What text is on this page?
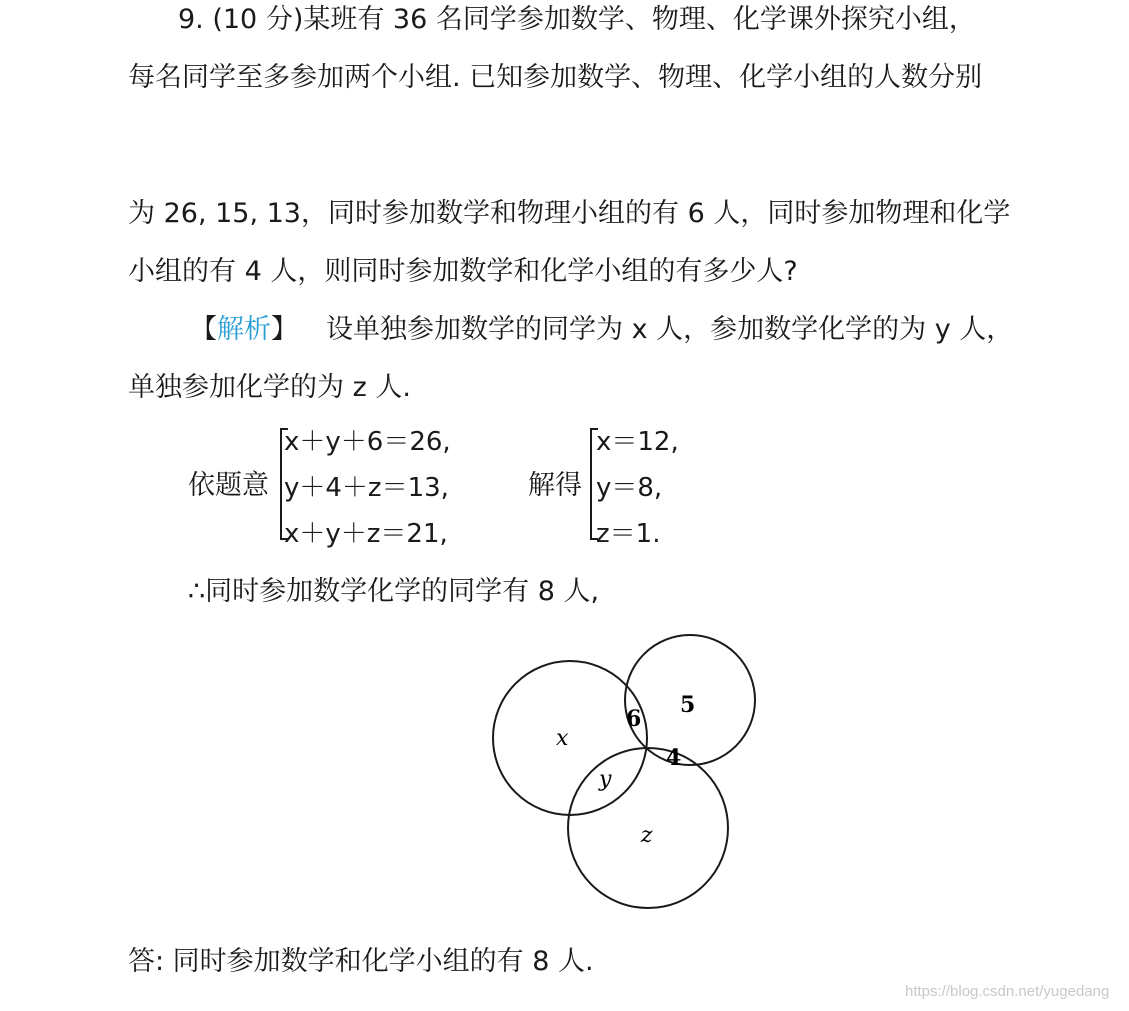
9. (10 分)某班有 36 名同学参加数学、物理、化学课外探究小组，
每名同学至多参加两个小组. 已知参加数学、物理、化学小组的人数分别
为 26, 15, 13，同时参加数学和物理小组的有 6 人，同时参加物理和化学
小组的有 4 人，则同时参加数学和化学小组的有多少人?
【解析】 设单独参加数学的同学为 x 人，参加数学化学的为 y 人，
单独参加化学的为 z 人.
依题意
x＋y＋6＝26,
y＋4＋z＝13,
x＋y＋z＝21,
解得
x＝12,
y＝8,
z＝1.
∴同时参加数学化学的同学有 8 人,
x
6
5
4
y
z
答: 同时参加数学和化学小组的有 8 人.
https://blog.csdn.net/yugedang
